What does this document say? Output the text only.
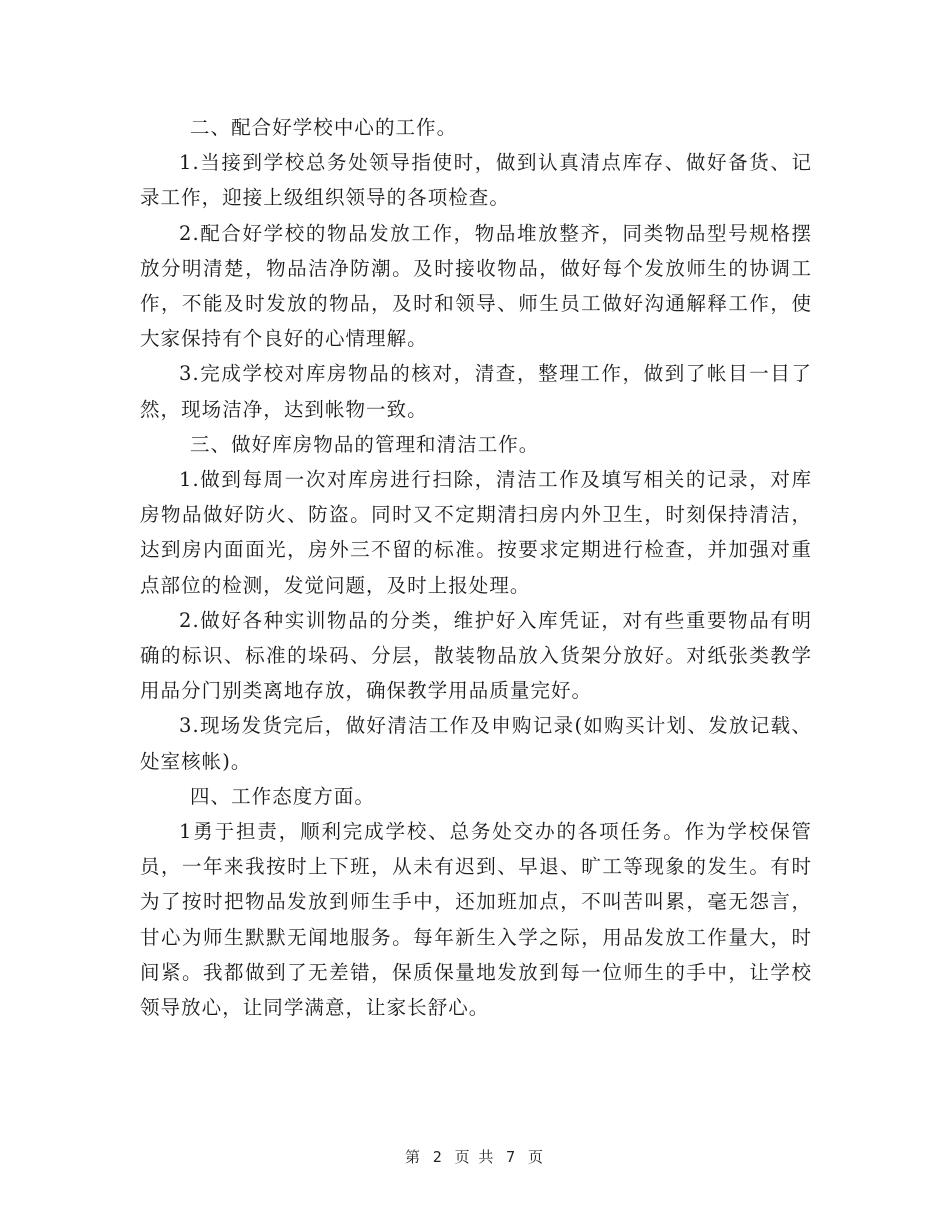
二、配合好学校中心的工作。

1.当接到学校总务处领导指使时，做到认真清点库存、做好备货、记录工作，迎接上级组织领导的各项检查。

2.配合好学校的物品发放工作，物品堆放整齐，同类物品型号规格摆放分明清楚，物品洁净防潮。及时接收物品，做好每个发放师生的协调工作，不能及时发放的物品，及时和领导、师生员工做好沟通解释工作，使大家保持有个良好的心情理解。

3.完成学校对库房物品的核对，清查，整理工作，做到了帐目一目了然，现场洁净，达到帐物一致。

三、做好库房物品的管理和清洁工作。

1.做到每周一次对库房进行扫除，清洁工作及填写相关的记录，对库房物品做好防火、防盗。同时又不定期清扫房内外卫生，时刻保持清洁，达到房内面面光，房外三不留的标准。按要求定期进行检查，并加强对重点部位的检测，发觉问题，及时上报处理。

2.做好各种实训物品的分类，维护好入库凭证，对有些重要物品有明确的标识、标准的垛码、分层，散装物品放入货架分放好。对纸张类教学用品分门别类离地存放，确保教学用品质量完好。

3.现场发货完后，做好清洁工作及申购记录(如购买计划、发放记载、处室核帐)。

四、工作态度方面。

1勇于担责，顺利完成学校、总务处交办的各项任务。作为学校保管员，一年来我按时上下班，从未有迟到、早退、旷工等现象的发生。有时为了按时把物品发放到师生手中，还加班加点，不叫苦叫累，毫无怨言，甘心为师生默默无闻地服务。每年新生入学之际，用品发放工作量大，时间紧。我都做到了无差错，保质保量地发放到每一位师生的手中，让学校领导放心，让同学满意，让家长舒心。

第 2 页 共 7 页
